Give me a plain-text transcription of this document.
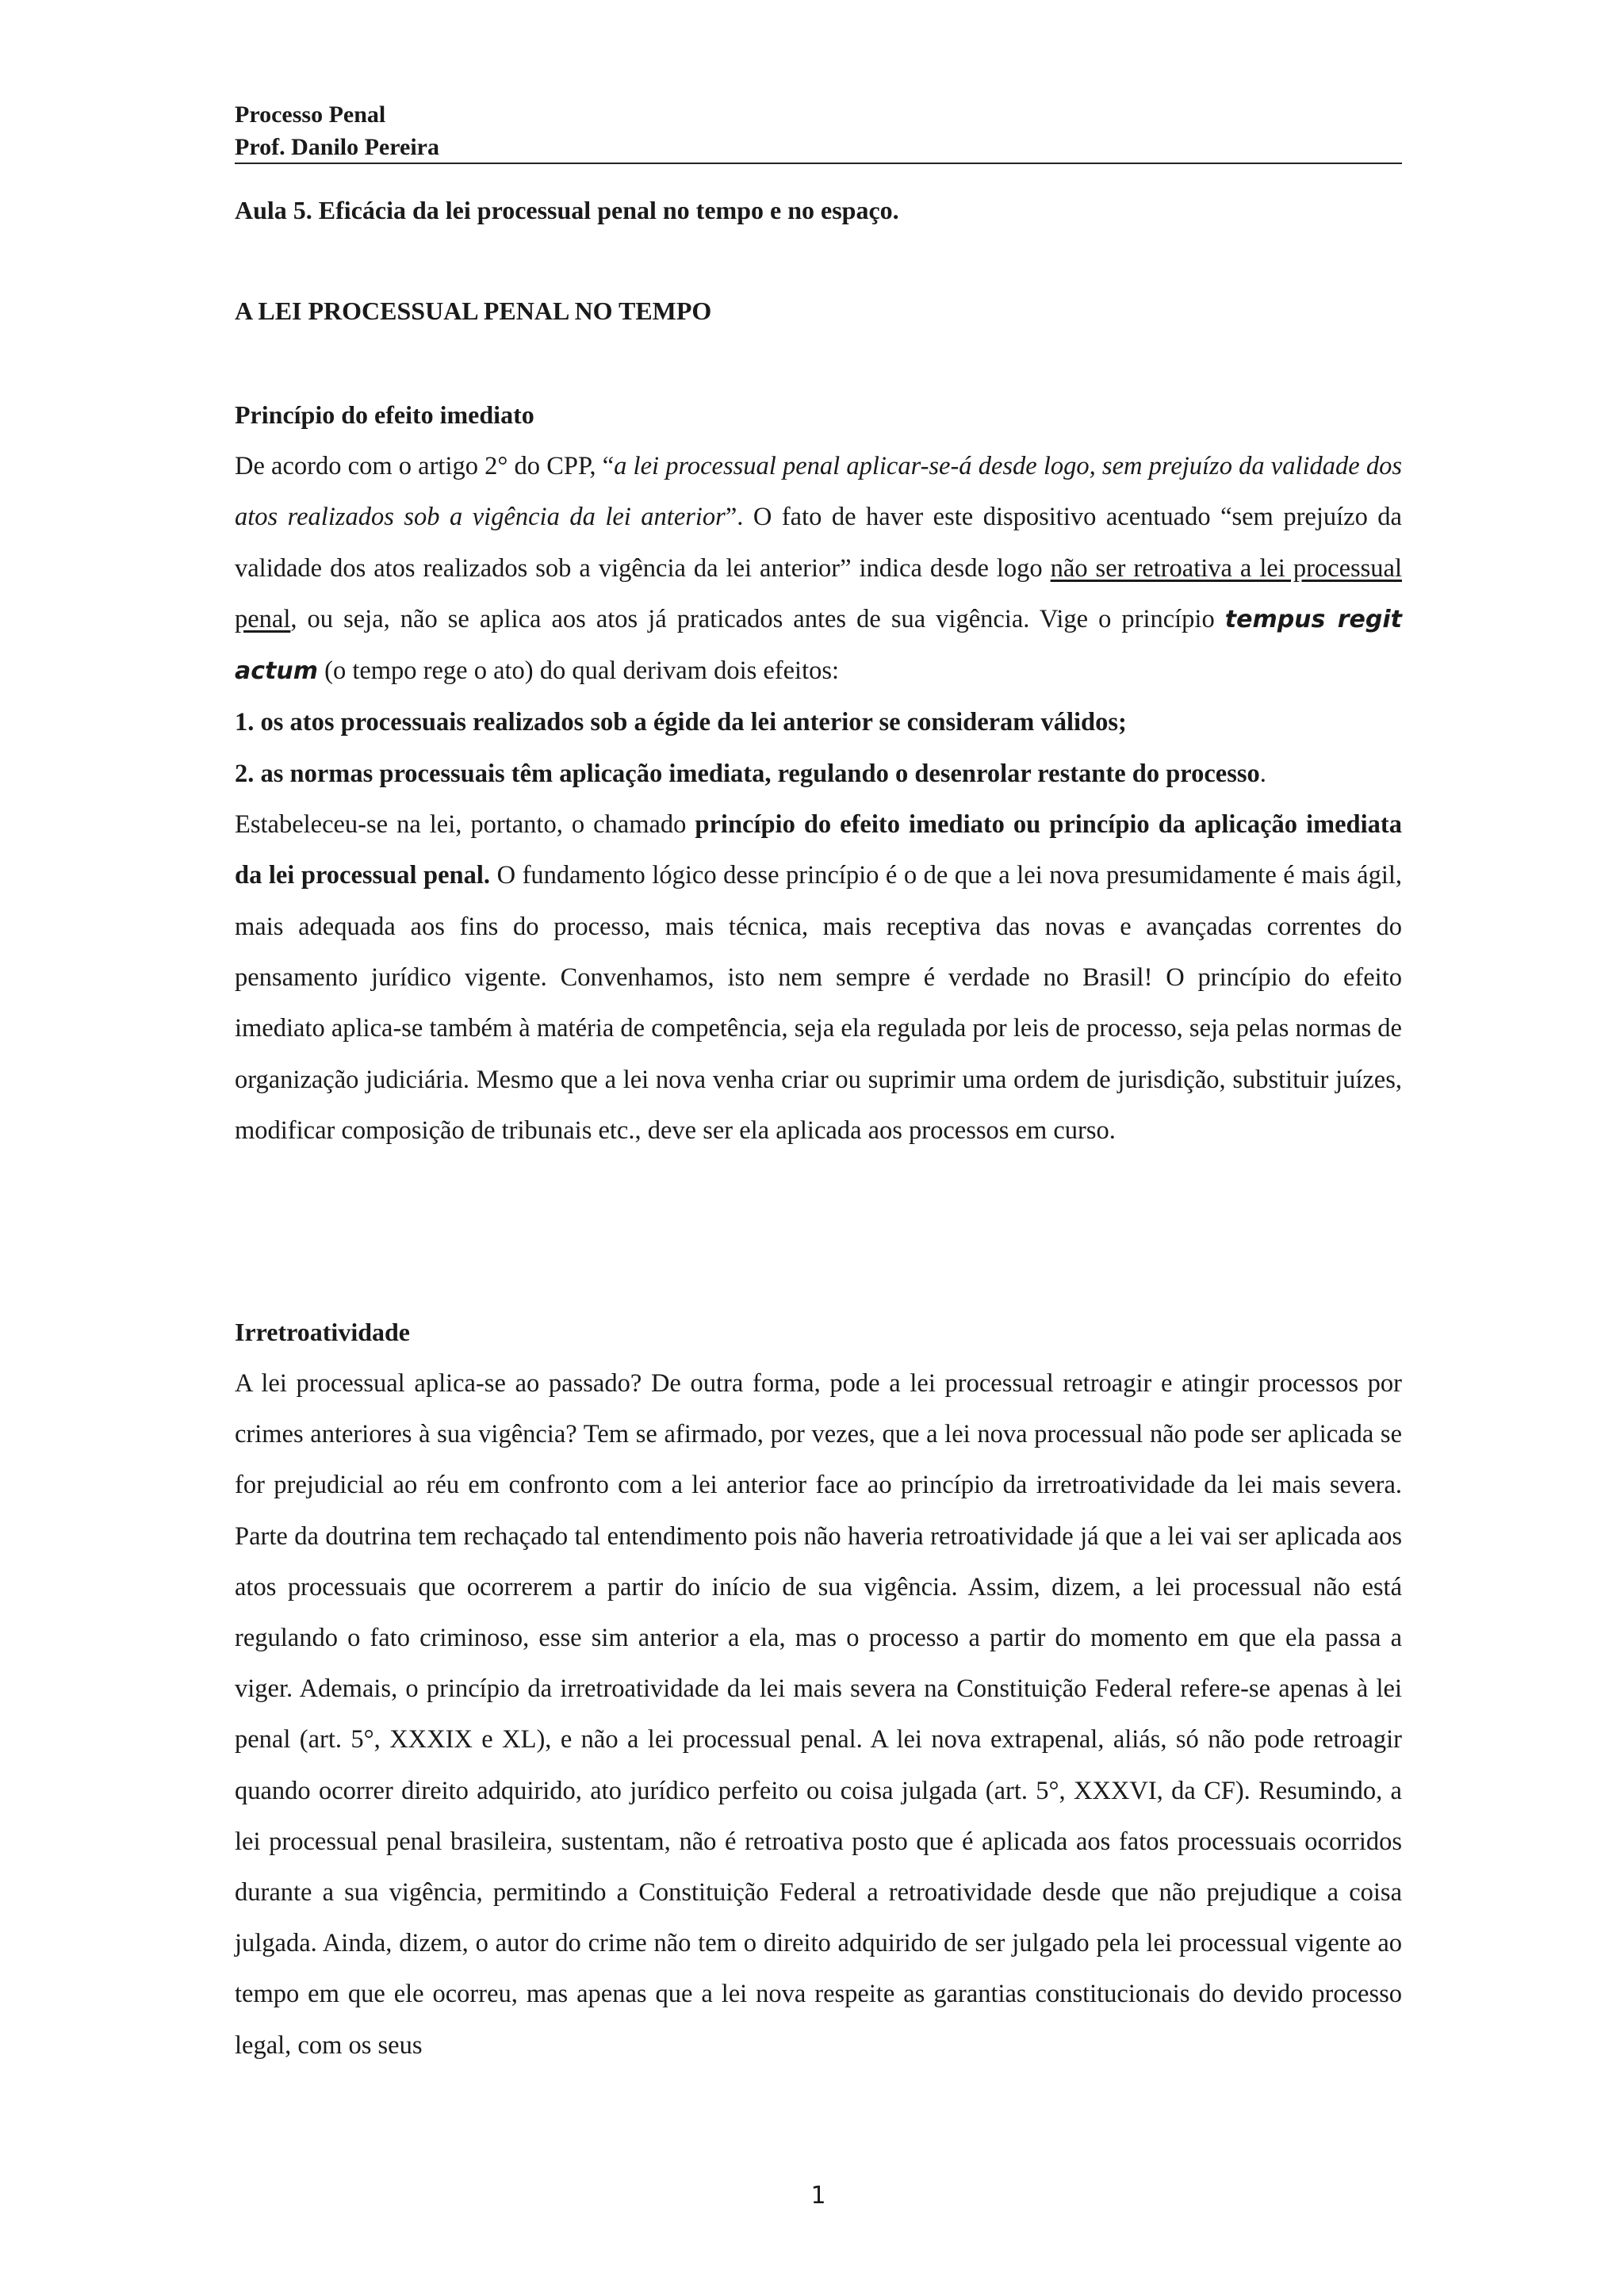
Processo Penal
Prof. Danilo Pereira
Aula 5. Eficácia da lei processual penal no tempo e no espaço.
A LEI PROCESSUAL PENAL NO TEMPO
Princípio do efeito imediato

De acordo com o artigo 2° do CPP, “a lei processual penal aplicar-se-á desde logo, sem prejuízo da validade dos atos realizados sob a vigência da lei anterior”. O fato de haver este dispositivo acentuado “sem prejuízo da validade dos atos realizados sob a vigência da lei anterior” indica desde logo não ser retroativa a lei processual penal, ou seja, não se aplica aos atos já praticados antes de sua vigência. Vige o princípio tempus regit actum (o tempo rege o ato) do qual derivam dois efeitos:

1. os atos processuais realizados sob a égide da lei anterior se consideram válidos;

2. as normas processuais têm aplicação imediata, regulando o desenrolar restante do processo.

Estabeleceu-se na lei, portanto, o chamado princípio do efeito imediato ou princípio da aplicação imediata da lei processual penal. O fundamento lógico desse princípio é o de que a lei nova presumidamente é mais ágil, mais adequada aos fins do processo, mais técnica, mais receptiva das novas e avançadas correntes do pensamento jurídico vigente. Convenhamos, isto nem sempre é verdade no Brasil! O princípio do efeito imediato aplica-se também à matéria de competência, seja ela regulada por leis de processo, seja pelas normas de organização judiciária. Mesmo que a lei nova venha criar ou suprimir uma ordem de jurisdição, substituir juízes, modificar composição de tribunais etc., deve ser ela aplicada aos processos em curso.

Irretroatividade

A lei processual aplica-se ao passado? De outra forma, pode a lei processual retroagir e atingir processos por crimes anteriores à sua vigência? Tem se afirmado, por vezes, que a lei nova processual não pode ser aplicada se for prejudicial ao réu em confronto com a lei anterior face ao princípio da irretroatividade da lei mais severa. Parte da doutrina tem rechaçado tal entendimento pois não haveria retroatividade já que a lei vai ser aplicada aos atos processuais que ocorrerem a partir do início de sua vigência. Assim, dizem, a lei processual não está regulando o fato criminoso, esse sim anterior a ela, mas o processo a partir do momento em que ela passa a viger. Ademais, o princípio da irretroatividade da lei mais severa na Constituição Federal refere-se apenas à lei penal (art. 5°, XXXIX e XL), e não a lei processual penal. A lei nova extrapenal, aliás, só não pode retroagir quando ocorrer direito adquirido, ato jurídico perfeito ou coisa julgada (art. 5°, XXXVI, da CF). Resumindo, a lei processual penal brasileira, sustentam, não é retroativa posto que é aplicada aos fatos processuais ocorridos durante a sua vigência, permitindo a Constituição Federal a retroatividade desde que não prejudique a coisa julgada. Ainda, dizem, o autor do crime não tem o direito adquirido de ser julgado pela lei processual vigente ao tempo em que ele ocorreu, mas apenas que a lei nova respeite as garantias constitucionais do devido processo legal, com os seus

1
